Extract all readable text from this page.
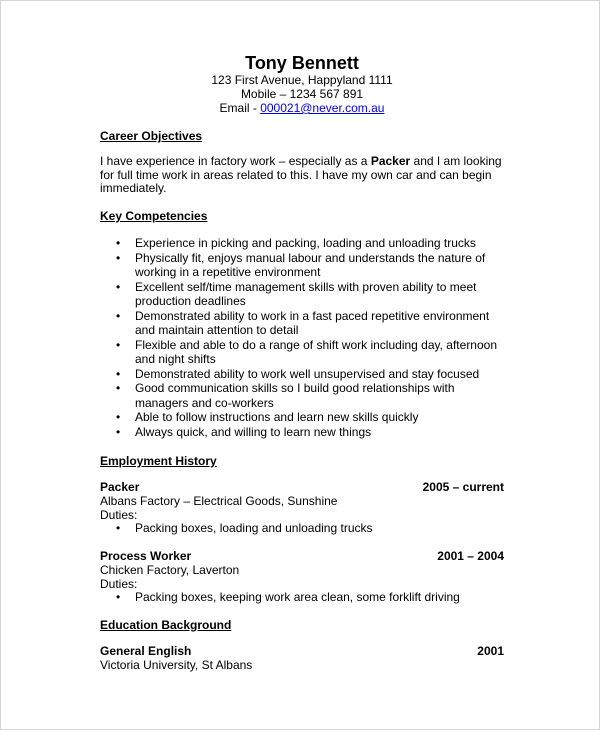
Tony Bennett
123 First Avenue, Happyland 1111
Mobile – 1234 567 891
Email - 000021@never.com.au
Career Objectives
I have experience in factory work – especially as a Packer and I am looking for full time work in areas related to this. I have my own car and can begin immediately.
Key Competencies
• Experience in picking and packing, loading and unloading trucks
• Physically fit, enjoys manual labour and understands the nature of working in a repetitive environment
• Excellent self/time management skills with proven ability to meet production deadlines
• Demonstrated ability to work in a fast paced repetitive environment and maintain attention to detail
• Flexible and able to do a range of shift work including day, afternoon and night shifts
• Demonstrated ability to work well unsupervised and stay focused
• Good communication skills so I build good relationships with managers and co-workers
• Able to follow instructions and learn new skills quickly
• Always quick, and willing to learn new things
Employment History
Packer	2005 – current
Albans Factory – Electrical Goods, Sunshine
Duties:
• Packing boxes, loading and unloading trucks
Process Worker	2001 – 2004
Chicken Factory, Laverton
Duties:
• Packing boxes, keeping work area clean, some forklift driving
Education Background
General English	2001
Victoria University, St Albans
